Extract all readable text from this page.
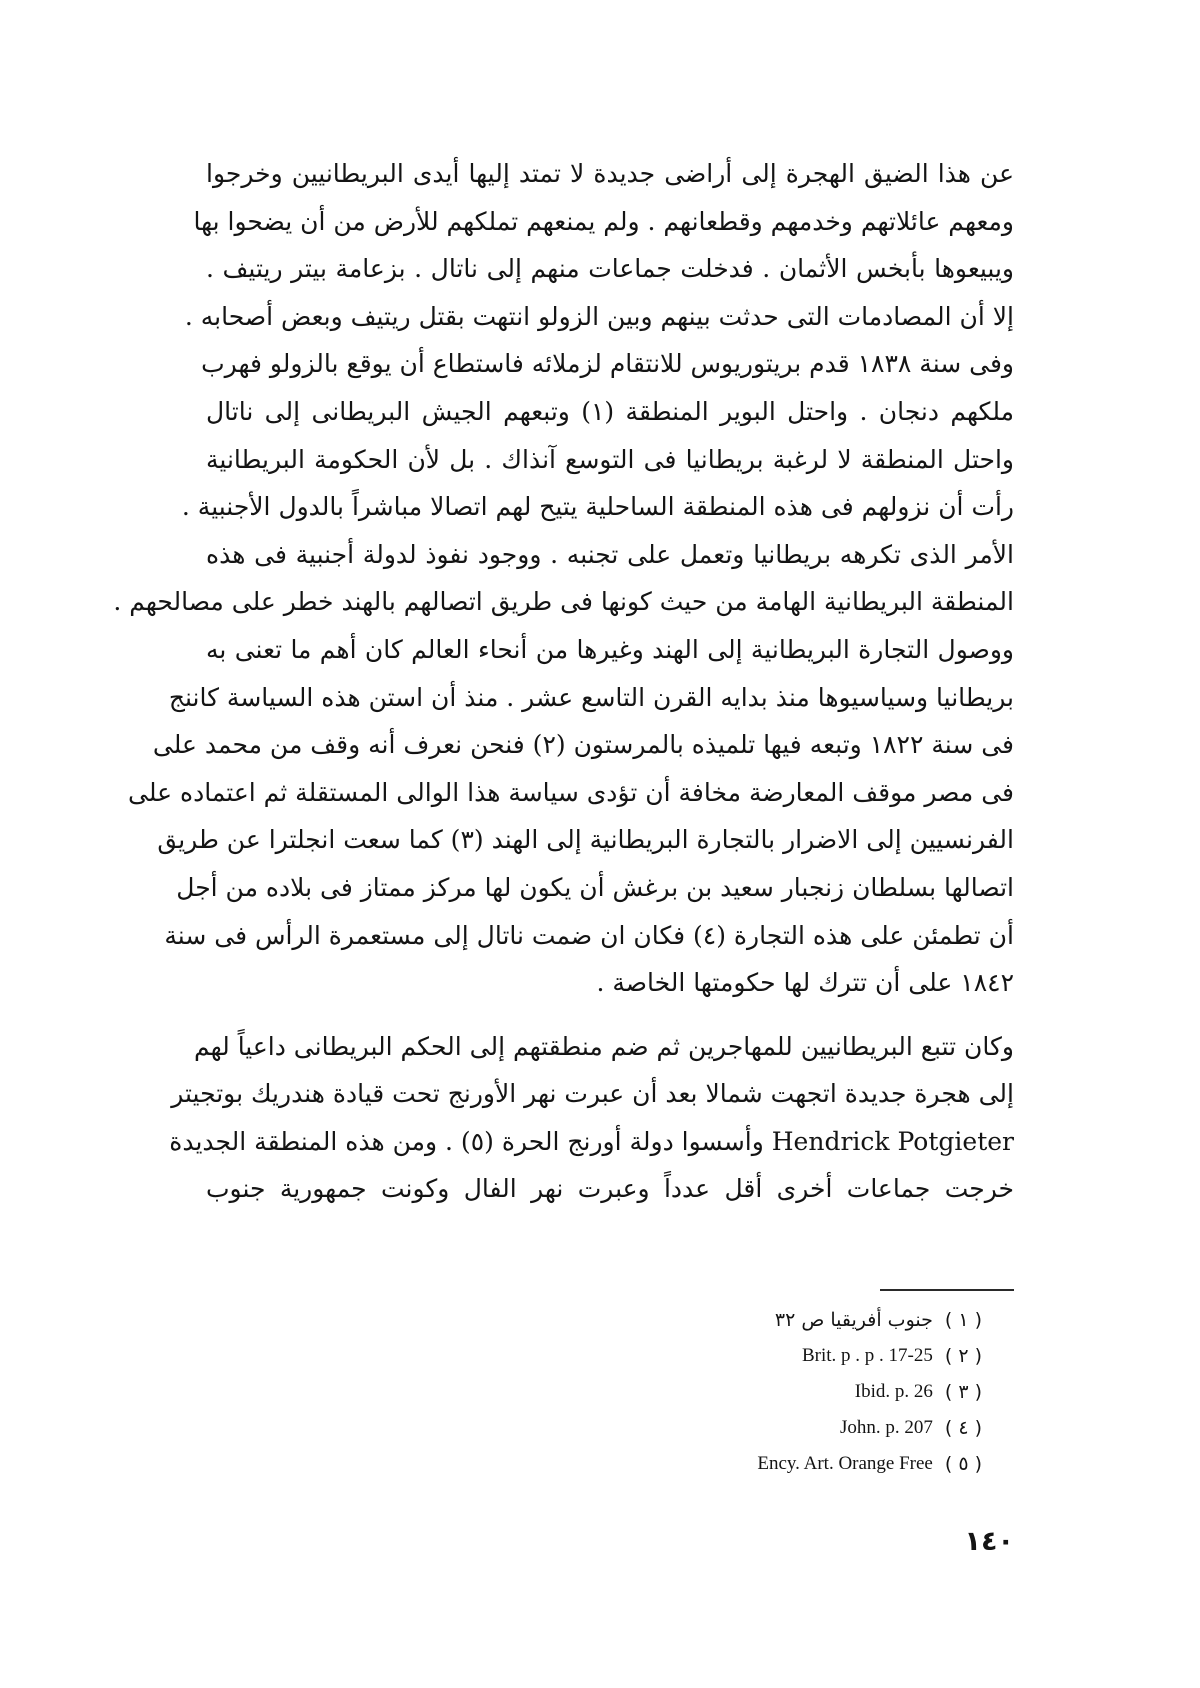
عن هذا الضيق الهجرة إلى أراضى جديدة لا تمتد إليها أيدى البريطانيين وخرجوا
ومعهم عائلاتهم وخدمهم وقطعانهم . ولم يمنعهم تملكهم للأرض من أن يضحوا بها
ويبيعوها بأبخس الأثمان . فدخلت جماعات منهم إلى ناتال . بزعامة بيتر ريتيف .
إلا أن المصادمات التى حدثت بينهم وبين الزولو انتهت بقتل ريتيف وبعض أصحابه .
وفى سنة ١٨٣٨ قدم بريتوريوس للانتقام لزملائه فاستطاع أن يوقع بالزولو فهرب
ملكهم دنجان . واحتل البوير المنطقة (١) وتبعهم الجيش البريطانى إلى ناتال
واحتل المنطقة لا لرغبة بريطانيا فى التوسع آنذاك . بل لأن الحكومة البريطانية
رأت أن نزولهم فى هذه المنطقة الساحلية يتيح لهم اتصالا مباشراً بالدول الأجنبية .
الأمر الذى تكرهه بريطانيا وتعمل على تجنبه . ووجود نفوذ لدولة أجنبية فى هذه
المنطقة البريطانية الهامة من حيث كونها فى طريق اتصالهم بالهند خطر على مصالحهم .
ووصول التجارة البريطانية إلى الهند وغيرها من أنحاء العالم كان أهم ما تعنى به
بريطانيا وسياسيوها منذ بدايه القرن التاسع عشر . منذ أن استن هذه السياسة كاننج
فى سنة ١٨٢٢ وتبعه فيها تلميذه بالمرستون (٢) فنحن نعرف أنه وقف من محمد على
فى مصر موقف المعارضة مخافة أن تؤدى سياسة هذا الوالى المستقلة ثم اعتماده على
الفرنسيين إلى الاضرار بالتجارة البريطانية إلى الهند (٣) كما سعت انجلترا عن طريق
اتصالها بسلطان زنجبار سعيد بن برغش أن يكون لها مركز ممتاز فى بلاده من أجل
أن تطمئن على هذه التجارة (٤) فكان ان ضمت ناتال إلى مستعمرة الرأس فى سنة
١٨٤٢ على أن تترك لها حكومتها الخاصة .
وكان تتبع البريطانيين للمهاجرين ثم ضم منطقتهم إلى الحكم البريطانى داعياً لهم
إلى هجرة جديدة اتجهت شمالا بعد أن عبرت نهر الأورنج تحت قيادة هندريك بوتجيتر
Hendrick Potgieter وأسسوا دولة أورنج الحرة (٥) . ومن هذه المنطقة الجديدة
خرجت جماعات أخرى أقل عدداً وعبرت نهر الفال وكونت جمهورية جنوب
( ١ )
جنوب أفريقيا ص ٣٢
( ٢ )
Brit. p . p . 17-25
( ٣ )
Ibid. p. 26
( ٤ )
John. p. 207
( ٥ )
Ency. Art. Orange Free
١٤٠
